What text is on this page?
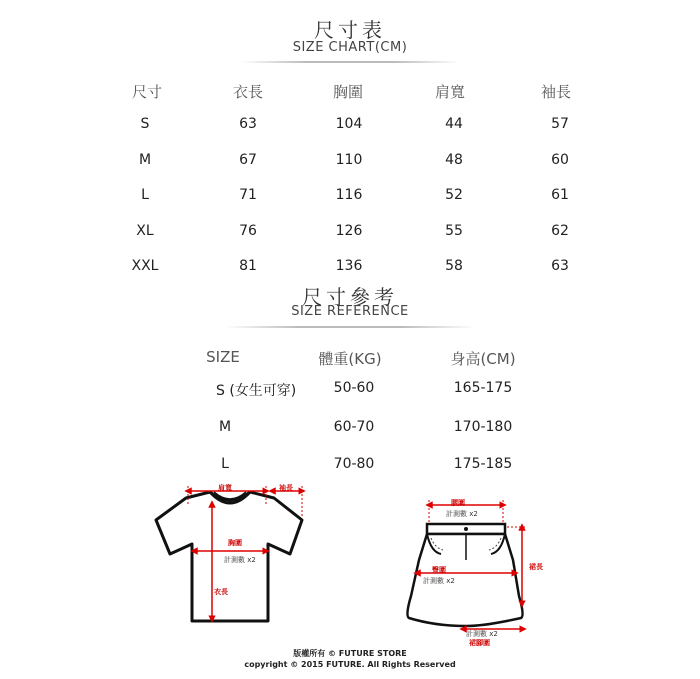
尺寸表
SIZE CHART(CM)
尺寸	衣長	胸圍	肩寬	袖長
S	63	104	44	57
M	67	110	48	60
L	71	116	52	61
XL	76	126	55	62
XXL	81	136	58	63
尺寸參考
SIZE REFERENCE
SIZE	體重(KG)	身高(CM)
S (女生可穿)	50-60	165-175
M	60-70	170-180
L	70-80	175-185
肩寬	袖長
胸圍
計測數 x2
衣長
腰圍
計測數 x2
臀圍
計測數 x2
裙長
計測數 x2
裙腳圍
版權所有 © FUTURE STORE
copyright © 2015 FUTURE. All Rights Reserved
